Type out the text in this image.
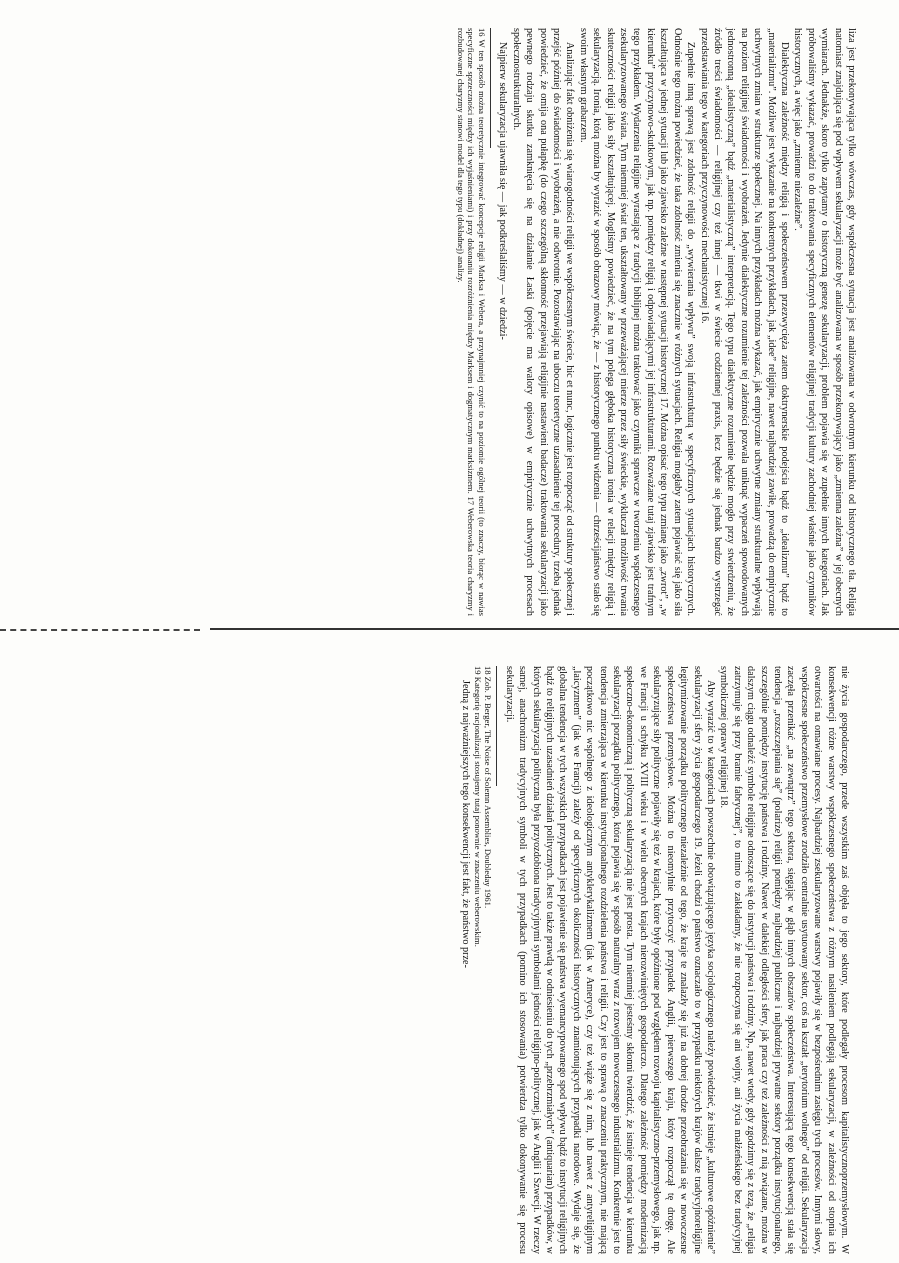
liza jest przekonywająca tylko wówczas, gdy współczesna sytuacja jest analizowana w odwrotnym kierunku od historycznego tła. Religia natomiast znajdująca się pod wpływem sekularyzacji może być analizowana w sposób przekonywający jako „zmienna zależna” w jej obecnych wymiarach. Jednakże, skoro tylko zapytamy o historyczną genezę sekularyzacji, problem pojawia się w zupełnie innych kategoriach. Jak próbowaliśmy wykazać, prowadzi to do traktowania specyficznych elementów religijnej tradycji kultury zachodniej właśnie jako czynników historycznych, a więc jako „zmienne niezależne”.

Dialektyczna zależność między religią i społeczeństwem przezwycięża zatem doktrynerskie podejścia bądź to „idealizmu” bądź to „materializmu”. Możliwe jest wykazanie na konkretnych przykładach, jak „idee” religijne, nawet najbardziej zawiłe, prowadzą do empirycznie uchwytnych zmian w strukturze społecznej. Na innych przykładach można wykazać, jak empirycznie uchwytne zmiany strukturalne wpływają na poziom religijnej świadomości i wyobrażeń. Jedynie dialektyczne rozumienie tej zależności pozwala uniknąć wypaczeń spowodowanych jednostronną „idealistyczną” bądź „materialistyczną” interpretacją. Tego typu dialektyczne rozumienie będzie mogło przy stwierdzeniu, że źródło treści świadomości — religijnej czy też innej — tkwi w świecie codziennej praxis, lecz będzie się jednak bardzo wystrzegać przedstawiania tego w kategoriach przyczynowości mechanistycznej 16.

Zupełnie inną sprawą jest zdolność religii do „wywierania wpływu” swoją infrastrukturą w specyficznych sytuacjach historycznych. Odnośnie tego można powiedzieć, że taka zdolność zmienia się znacznie w różnych sytuacjach. Religia mogłaby zatem pojawiać się jako siła kształtująca w jednej sytuacji lub jako zjawisko zależne w następnej sytuacji historycznej 17. Można opisać tego typu zmianę jako „zwrot”, „w kierunku” przyczynowo-skutkowym, jak np. pomiędzy religią i odpowiadającymi jej infrastrukturami. Rozważane tutaj zjawisko jest trafnym tego przykładem. Wydarzenia religijne wyrastające z tradycji biblijnej można traktować jako czynniki sprawcze w tworzeniu współczesnego zsekularyzowanego świata. Tym niemniej świat ten, ukształtowany w przeważającej mierze przez siły świeckie, wykluczał możliwość trwania skuteczności religii jako siły kształtującej. Mogliśmy powiedzieć, że na tym polega głęboka historyczna ironia w relacji między religią i sekularyzacją. Ironia, którą można by wyrazić w sposób obrazowy mówiąc, że — z historycznego punktu widzenia — chrześcijaństwo stało się swoim własnym grabarzem.

Analizując fakt obniżenia się wiarogodności religii we współczesnym świecie, hic et nunc, logicznie jest rozpocząć od struktury społecznej i przejść później do świadomości i wyobrażeń, a nie odwrotnie. Pozostawiając na uboczu teoretyczne uzasadnienie tej procedury, trzeba jednak powiedzieć, że omija ona pułapkę (do czego szczególną skłonność przejawiają religijnie nastawieni badacze) traktowania sekularyzacji jako pewnego rodzaju skutku zamknięcia się na działanie Łaski (pojęcie ma walory opisowe) w empirycznie uchwytnych procesach społecznostrukturalnych.

Najpierw sekularyzacja ujawniła się — jak podkreślaliśmy — w dziedzi-

16 W ten sposób można teoretycznie integrować koncepcje religii Marksa i Webera, a przynajmniej czynić to na poziomie ogólnej teorii (to znaczy, biorąc w nawias specyficzne sprzeczności między ich wyjaśnieniami) i przy dokonaniu rozróżnienia między Marksem i dogmatycznym marksizmem. 17 Weberowska teoria charyzmy i rozbudowanej charyzmy stanowi model dla tego typu (dokładnej) analizy.

nie życia gospodarczego, przede wszystkim zaś objęła to jego sektory, które podlegały procesom kapitalistycznoprzemysłowym. W konsekwencji różne warstwy współczesnego społeczeństwa z różnym nasileniem podlegają sekularyzacji, w zależności od stopnia ich otwartości na omawiane procesy. Najbardziej zsekularyzowane warstwy pojawiły się w bezpośrednim zasięgu tych procesów. Innymi słowy, współczesne społeczeństwo przemysłowe zrodziło centralnie usytuowany sektor, coś na kształt „terytorium wolnego” od religii. Sekularyzacja zaczęła przenikać „na zewnątrz” tego sektora, sięgając w głąb innych obszarów społeczeństwa. Interesującą tego konsekwencją stała się tendencja „rozszczepiania się” (polarize) religii pomiędzy najbardziej publiczne i najbardziej prywatne sektory porządku instytucjonalnego, szczególnie pomiędzy instytucję państwa i rodziny. Nawet w dalekiej odległości sfery, jak praca czy też zależności z nią związane, można w dalszym ciągu odnaleźć symbole religijne odnoszące się do instytucji państwa i rodziny. Np., nawet wtedy, gdy zgodzimy się z tezą, że „religia zatrzymuje się przy bramie fabrycznej”, to mimo to zakładamy, że nie rozpoczyna się ani wojny, ani życia małżeńskiego bez tradycyjnej symbolicznej oprawy religijnej 18.

Aby wyrazić to w kategoriach powszechnie obowiązującego języka socjologicznego należy powiedzieć, że istnieje „kulturowe opóźnienie” sekularyzacji sfery życia gospodarczego 19. Jeżeli chodzi o państwo oznaczało to w przypadku niektórych krajów dalsze tradycyjnoreligijne legitymizowanie porządku politycznego niezależnie od tego, że kraje te znalazły się już na dobrej drodze przeobrażania się w nowoczesne społeczeństwa przemysłowe. Można to nieomylnie przytoczyć przypadek Anglii, pierwszego kraju, który rozpoczął tę drogę. Ale sekularyzujące siły polityczne pojawiły się też w krajach, które były opóźnione pod względem rozwoju kapitalistyczno-przemysłowego, jak np. we Francji u schyłku XVIII wieku i w wielu obecnych krajach nierozwiniętych gospodarczo. Dlatego zależność pomiędzy modernizacją społeczno-ekonomiczną i polityczną sekularyzacją nie jest prosta. Tym niemniej jesteśmy skłonni twierdzić, że istnieje tendencja w kierunku sekularyzacji porządku politycznego, która pojawia się w sposób naturalny wraz z rozwojem nowoczesnego industrializmu. Konkretnie jest to tendencja zmierzająca w kierunku instytucjonalnego rozdzielenia państwa i religii. Czy jest to sprawą o znaczeniu praktycznym, nie mającą początkowo nic wspólnego z ideologicznym antyklerykalizmem (jak w Ameryce), czy też wiąże się z nim, lub nawet z antyreligijnym „laicyzmem” (jak we Francji) zależy od specyficznych okoliczności historycznych znamionujących przypadki narodowe. Wydaje się, że globalna tendencja w tych wszystkich przypadkach jest pojawienie się państwa wyemancypowanego spod wpływu bądź to instytucji religijnych bądź to religijnych uzasadnień działań politycznych. Jest to także prawdą w odniesieniu do tych „przebrzmiałych” (antiquarian) przypadków, w których sekularyzacja polityczna była przyozdobiona tradycyjnymi symbolami jedności religijno-politycznej, jak w Anglii i Szwecji. W rzeczy samej, anachronizm tradycyjnych symboli w tych przypadkach (pomino ich stosowania) potwierdza tylko dokonywanie się procesu sekularyzacji.

18 Zob. P. Berger, The Noise of Solemn Assemblies, Doubleday 1961.

19 Kategorię racjonalizacji stosujemy tutaj ponownie w znaczeniu weberowskim.

Jedną z najważniejszych tego konsekwencji jest fakt, że państwo prze-
